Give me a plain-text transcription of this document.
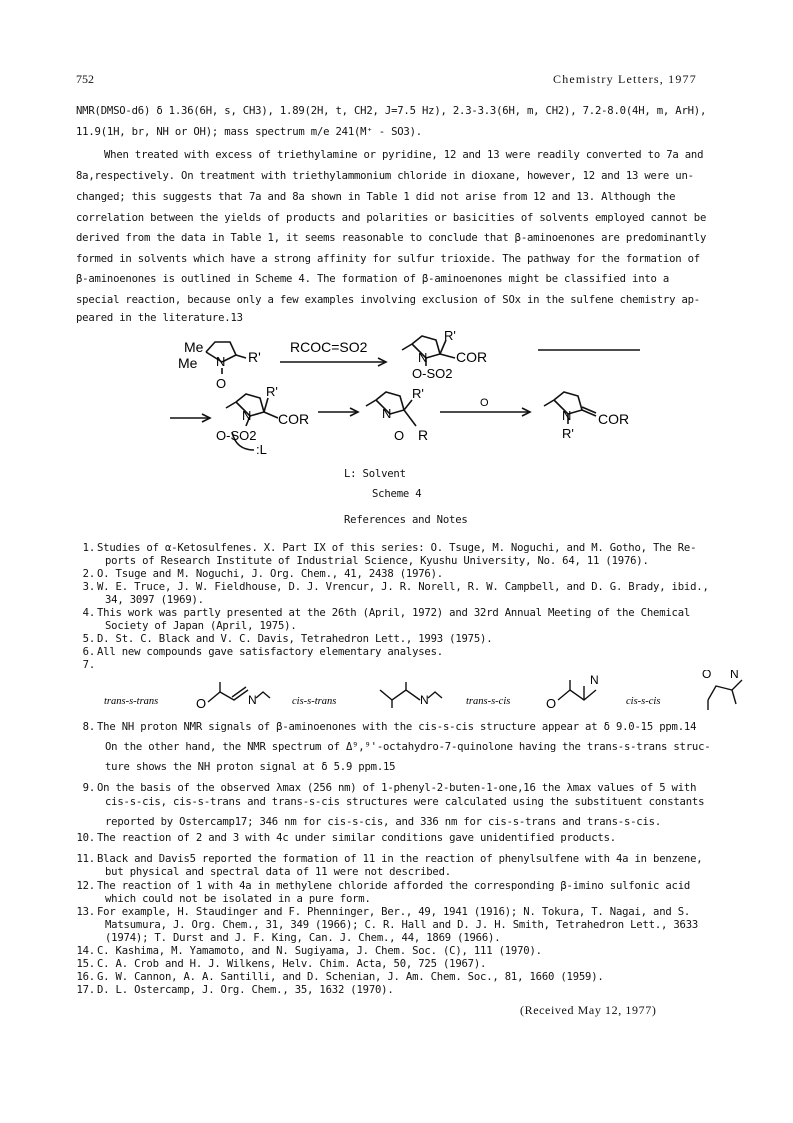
752	Chemistry Letters, 1977
NMR(DMSO-d6) δ 1.36(6H, s, CH3), 1.89(2H, t, CH2, J=7.5 Hz), 2.3-3.3(6H, m, CH2), 7.2-8.0(4H, m, ArH),
11.9(1H, br, NH or OH); mass spectrum m/e 241(M⁺ - SO3).
When treated with excess of triethylamine or pyridine, 12 and 13 were readily converted to 7a and
8a,respectively. On treatment with triethylammonium chloride in dioxane, however, 12 and 13 were un-
changed; this suggests that 7a and 8a shown in Table 1 did not arise from 12 and 13. Although the
correlation between the yields of products and polarities or basicities of solvents employed cannot be
derived from the data in Table 1, it seems reasonable to conclude that β-aminoenones are predominantly
formed in solvents which have a strong affinity for sulfur trioxide. The pathway for the formation of
β-aminoenones is outlined in Scheme 4. The formation of β-aminoenones might be classified into a
special reaction, because only a few examples involving exclusion of SOx in the sulfene chemistry ap-
peared in the literature.13
Me
Me N
O
R'
RCOC=SO2
N
R'
COR
O-SO2
N
R'
COR
O-SO2
:L
N
R'
O R
O
N COR
R'
L: Solvent
Scheme 4
References and Notes
1. Studies of α-Ketosulfenes. X. Part IX of this series: O. Tsuge, M. Noguchi, and M. Gotho, The Re-
ports of Research Institute of Industrial Science, Kyushu University, No. 64, 11 (1976).
2. O. Tsuge and M. Noguchi, J. Org. Chem., 41, 2438 (1976).
3. W. E. Truce, J. W. Fieldhouse, D. J. Vrencur, J. R. Norell, R. W. Campbell, and D. G. Brady, ibid.,
34, 3097 (1969).
4. This work was partly presented at the 26th (April, 1972) and 32rd Annual Meeting of the Chemical
Society of Japan (April, 1975).
5. D. St. C. Black and V. C. Davis, Tetrahedron Lett., 1993 (1975).
6. All new compounds gave satisfactory elementary analyses.
7.
trans-s-trans	O	N	cis-s-trans	N	trans-s-cis	O
N
cis-s-cis
O N
8. The NH proton NMR signals of β-aminoenones with the cis-s-cis structure appear at δ 9.0-15 ppm.14
On the other hand, the NMR spectrum of Δ⁹,⁹'-octahydro-7-quinolone having the trans-s-trans struc-
ture shows the NH proton signal at δ 5.9 ppm.15
9. On the basis of the observed λmax (256 nm) of 1-phenyl-2-buten-1-one,16 the λmax values of 5 with
cis-s-cis, cis-s-trans and trans-s-cis structures were calculated using the substituent constants
reported by Ostercamp17; 346 nm for cis-s-cis, and 336 nm for cis-s-trans and trans-s-cis.
10. The reaction of 2 and 3 with 4c under similar conditions gave unidentified products.
11. Black and Davis5 reported the formation of 11 in the reaction of phenylsulfene with 4a in benzene,
but physical and spectral data of 11 were not described.
12. The reaction of 1 with 4a in methylene chloride afforded the corresponding β-imino sulfonic acid
which could not be isolated in a pure form.
13. For example, H. Staudinger and F. Phenninger, Ber., 49, 1941 (1916); N. Tokura, T. Nagai, and S.
Matsumura, J. Org. Chem., 31, 349 (1966); C. R. Hall and D. J. H. Smith, Tetrahedron Lett., 3633
(1974); T. Durst and J. F. King, Can. J. Chem., 44, 1869 (1966).
14. C. Kashima, M. Yamamoto, and N. Sugiyama, J. Chem. Soc. (C), 111 (1970).
15. C. A. Crob and H. J. Wilkens, Helv. Chim. Acta, 50, 725 (1967).
16. G. W. Cannon, A. A. Santilli, and D. Schenian, J. Am. Chem. Soc., 81, 1660 (1959).
17. D. L. Ostercamp, J. Org. Chem., 35, 1632 (1970).
(Received May 12, 1977)
